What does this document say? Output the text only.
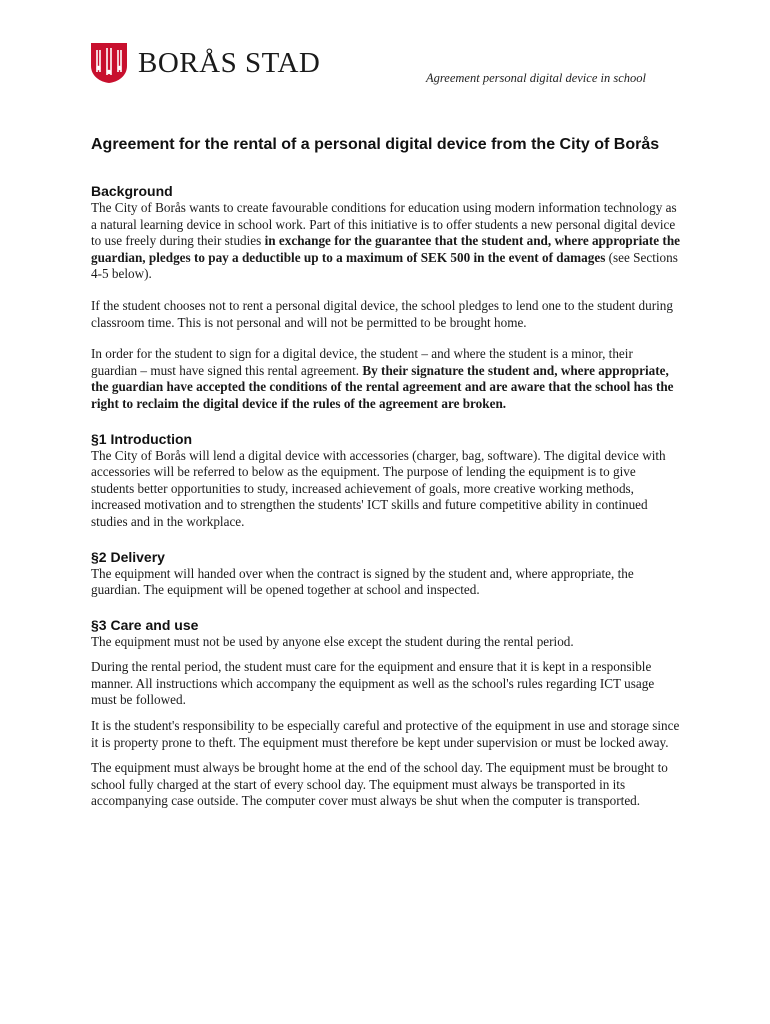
BORÅS STAD	Agreement personal digital device in school
Agreement for the rental of a personal digital device from the City of Borås
Background

The City of Borås wants to create favourable conditions for education using modern information technology as a natural learning device in school work. Part of this initiative is to offer students a new personal digital device to use freely during their studies in exchange for the guarantee that the student and, where appropriate the guardian, pledges to pay a deductible up to a maximum of SEK 500 in the event of damages (see Sections 4-5 below).

If the student chooses not to rent a personal digital device, the school pledges to lend one to the student during classroom time. This is not personal and will not be permitted to be brought home.

In order for the student to sign for a digital device, the student – and where the student is a minor, their guardian – must have signed this rental agreement. By their signature the student and, where appropriate, the guardian have accepted the conditions of the rental agreement and are aware that the school has the right to reclaim the digital device if the rules of the agreement are broken.

§1 Introduction

The City of Borås will lend a digital device with accessories (charger, bag, software). The digital device with accessories will be referred to below as the equipment. The purpose of lending the equipment is to give students better opportunities to study, increased achievement of goals, more creative working methods, increased motivation and to strengthen the students' ICT skills and future competitive ability in continued studies and in the workplace.

§2 Delivery

The equipment will handed over when the contract is signed by the student and, where appropriate, the guardian. The equipment will be opened together at school and inspected.

§3 Care and use

The equipment must not be used by anyone else except the student during the rental period.

During the rental period, the student must care for the equipment and ensure that it is kept in a responsible manner. All instructions which accompany the equipment as well as the school's rules regarding ICT usage must be followed.

It is the student's responsibility to be especially careful and protective of the equipment in use and storage since it is property prone to theft. The equipment must therefore be kept under supervision or must be locked away.

The equipment must always be brought home at the end of the school day. The equipment must be brought to school fully charged at the start of every school day. The equipment must always be transported in its accompanying case outside. The computer cover must always be shut when the computer is transported.
